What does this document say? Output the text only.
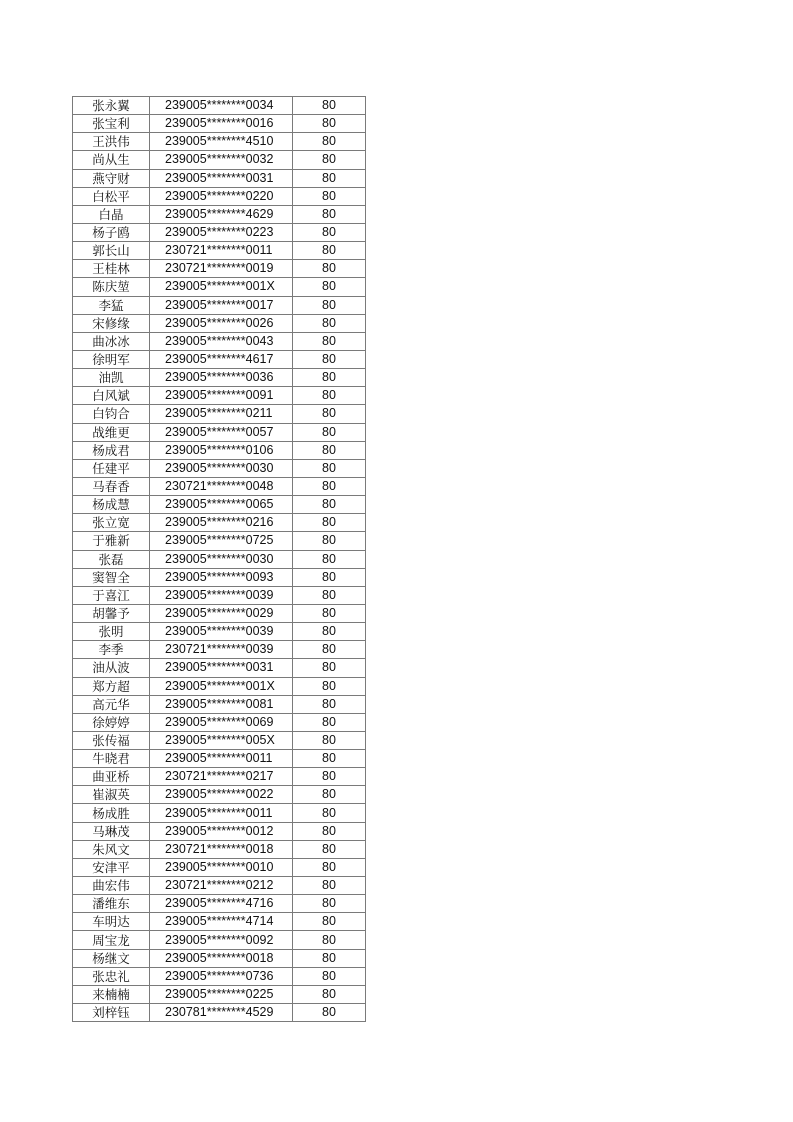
张永翼	239005********0034	80
张宝利	239005********0016	80
王洪伟	239005********4510	80
尚从生	239005********0032	80
燕守财	239005********0031	80
白松平	239005********0220	80
白晶	239005********4629	80
杨子鸥	239005********0223	80
郭长山	230721********0011	80
王桂林	230721********0019	80
陈庆堃	239005********001X	80
李猛	239005********0017	80
宋修缘	239005********0026	80
曲冰冰	239005********0043	80
徐明军	239005********4617	80
油凯	239005********0036	80
白风斌	239005********0091	80
白钧合	239005********0211	80
战维更	239005********0057	80
杨成君	239005********0106	80
任建平	239005********0030	80
马春香	230721********0048	80
杨成慧	239005********0065	80
张立宽	239005********0216	80
于雅新	239005********0725	80
张磊	239005********0030	80
窦智全	239005********0093	80
于喜江	239005********0039	80
胡馨予	239005********0029	80
张明	239005********0039	80
李季	230721********0039	80
油从波	239005********0031	80
郑方超	239005********001X	80
高元华	239005********0081	80
徐婷婷	239005********0069	80
张传福	239005********005X	80
牛晓君	239005********0011	80
曲亚桥	230721********0217	80
崔淑英	239005********0022	80
杨成胜	239005********0011	80
马琳茂	239005********0012	80
朱风文	230721********0018	80
安津平	239005********0010	80
曲宏伟	230721********0212	80
潘维东	239005********4716	80
车明达	239005********4714	80
周宝龙	239005********0092	80
杨继文	239005********0018	80
张忠礼	239005********0736	80
来楠楠	239005********0225	80
刘梓钰	230781********4529	80
